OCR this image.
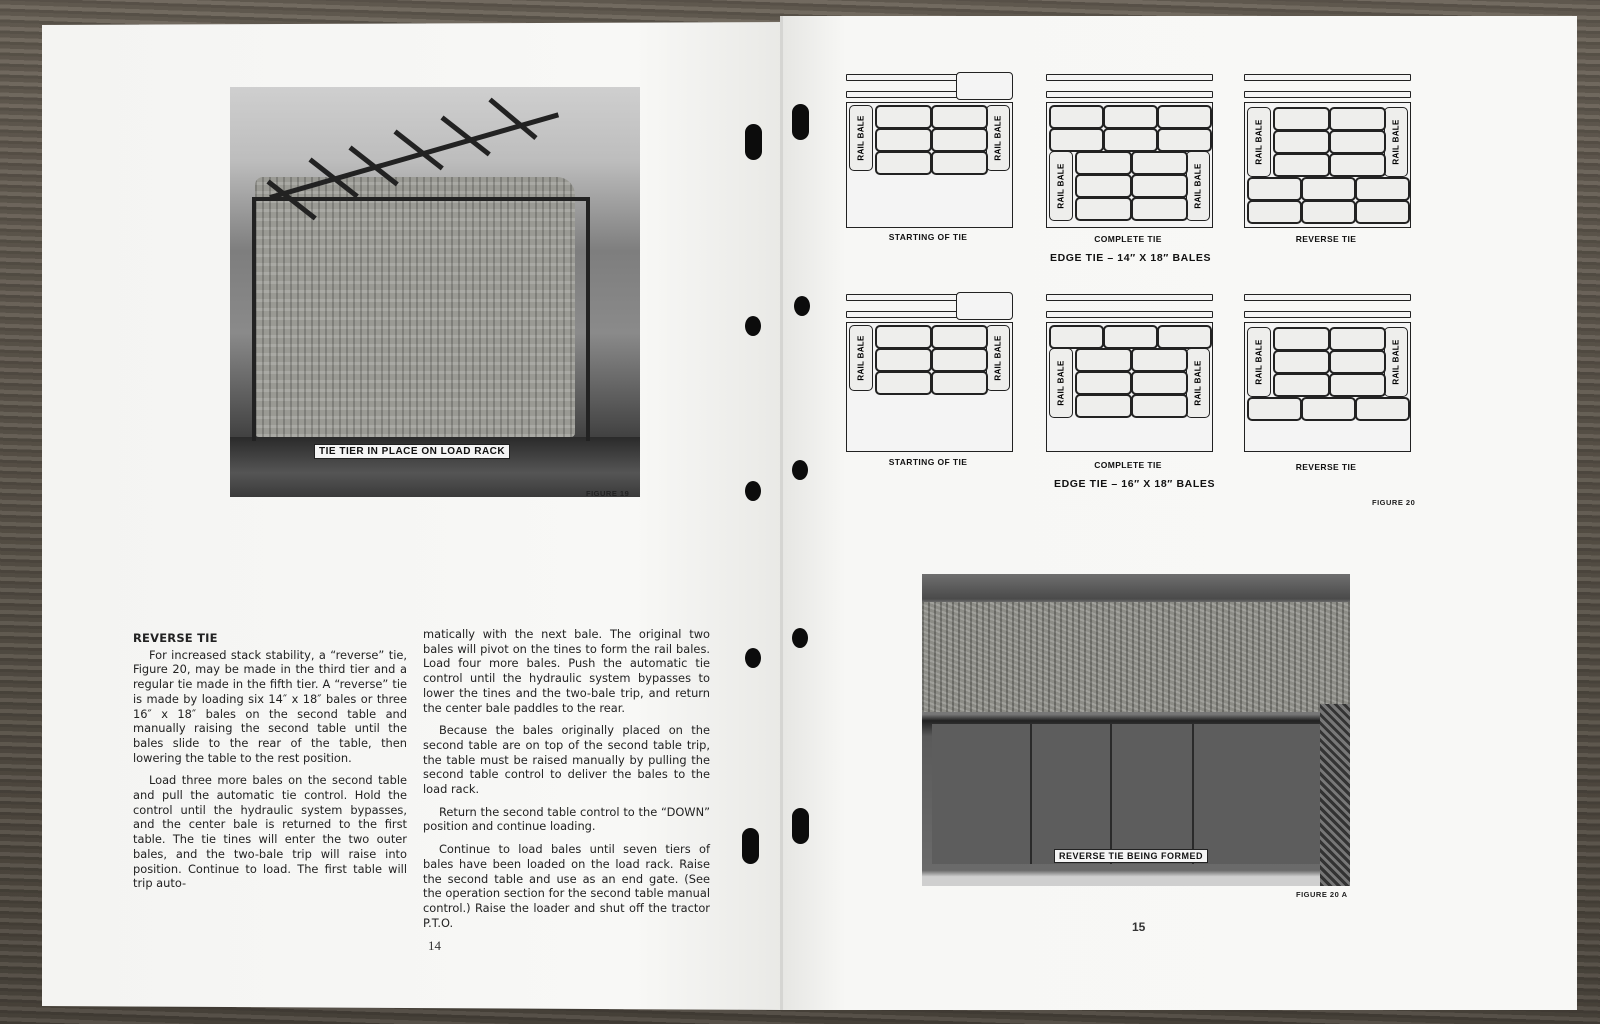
TIE TIER IN PLACE ON LOAD RACK
FIGURE 19
REVERSE TIE

For increased stack stability, a “reverse” tie, Figure 20, may be made in the third tier and a regular tie made in the fifth tier. A “reverse” tie is made by loading six 14″ x 18″ bales or three 16″ x 18″ bales on the second table and manually raising the second table until the bales slide to the rear of the table, then lowering the table to the rest position.

Load three more bales on the second table and pull the automatic tie control. Hold the control until the hydraulic system bypasses, and the center bale is returned to the first table. The tie tines will enter the two outer bales, and the two-bale trip will raise into position. Continue to load. The first table will trip auto-

matically with the next bale. The original two bales will pivot on the tines to form the rail bales. Load four more bales. Push the automatic tie control until the hydraulic system bypasses to lower the tines and the two-bale trip, and return the center bale paddles to the rear.

Because the bales originally placed on the second table are on top of the second table trip, the table must be raised manually by pulling the second table control to deliver the bales to the load rack.

Return the second table control to the “DOWN” position and continue loading.

Continue to load bales until seven tiers of bales have been loaded on the load rack. Raise the second table and use as an end gate. (See the operation section for the second table manual control.) Raise the loader and shut off the tractor P.T.O.

14
RAIL BALE	RAIL BALE
STARTING OF TIE
RAIL BALE	RAIL BALE
COMPLETE TIE
RAIL BALE	RAIL BALE
REVERSE TIE
RAIL BALE	RAIL BALE
STARTING OF TIE
RAIL BALE	RAIL BALE
COMPLETE TIE
RAIL BALE	RAIL BALE
REVERSE TIE
EDGE TIE – 14″ X 18″ BALES
EDGE TIE – 16″ X 18″ BALES
FIGURE 20
REVERSE TIE BEING FORMED
FIGURE 20 A
15
